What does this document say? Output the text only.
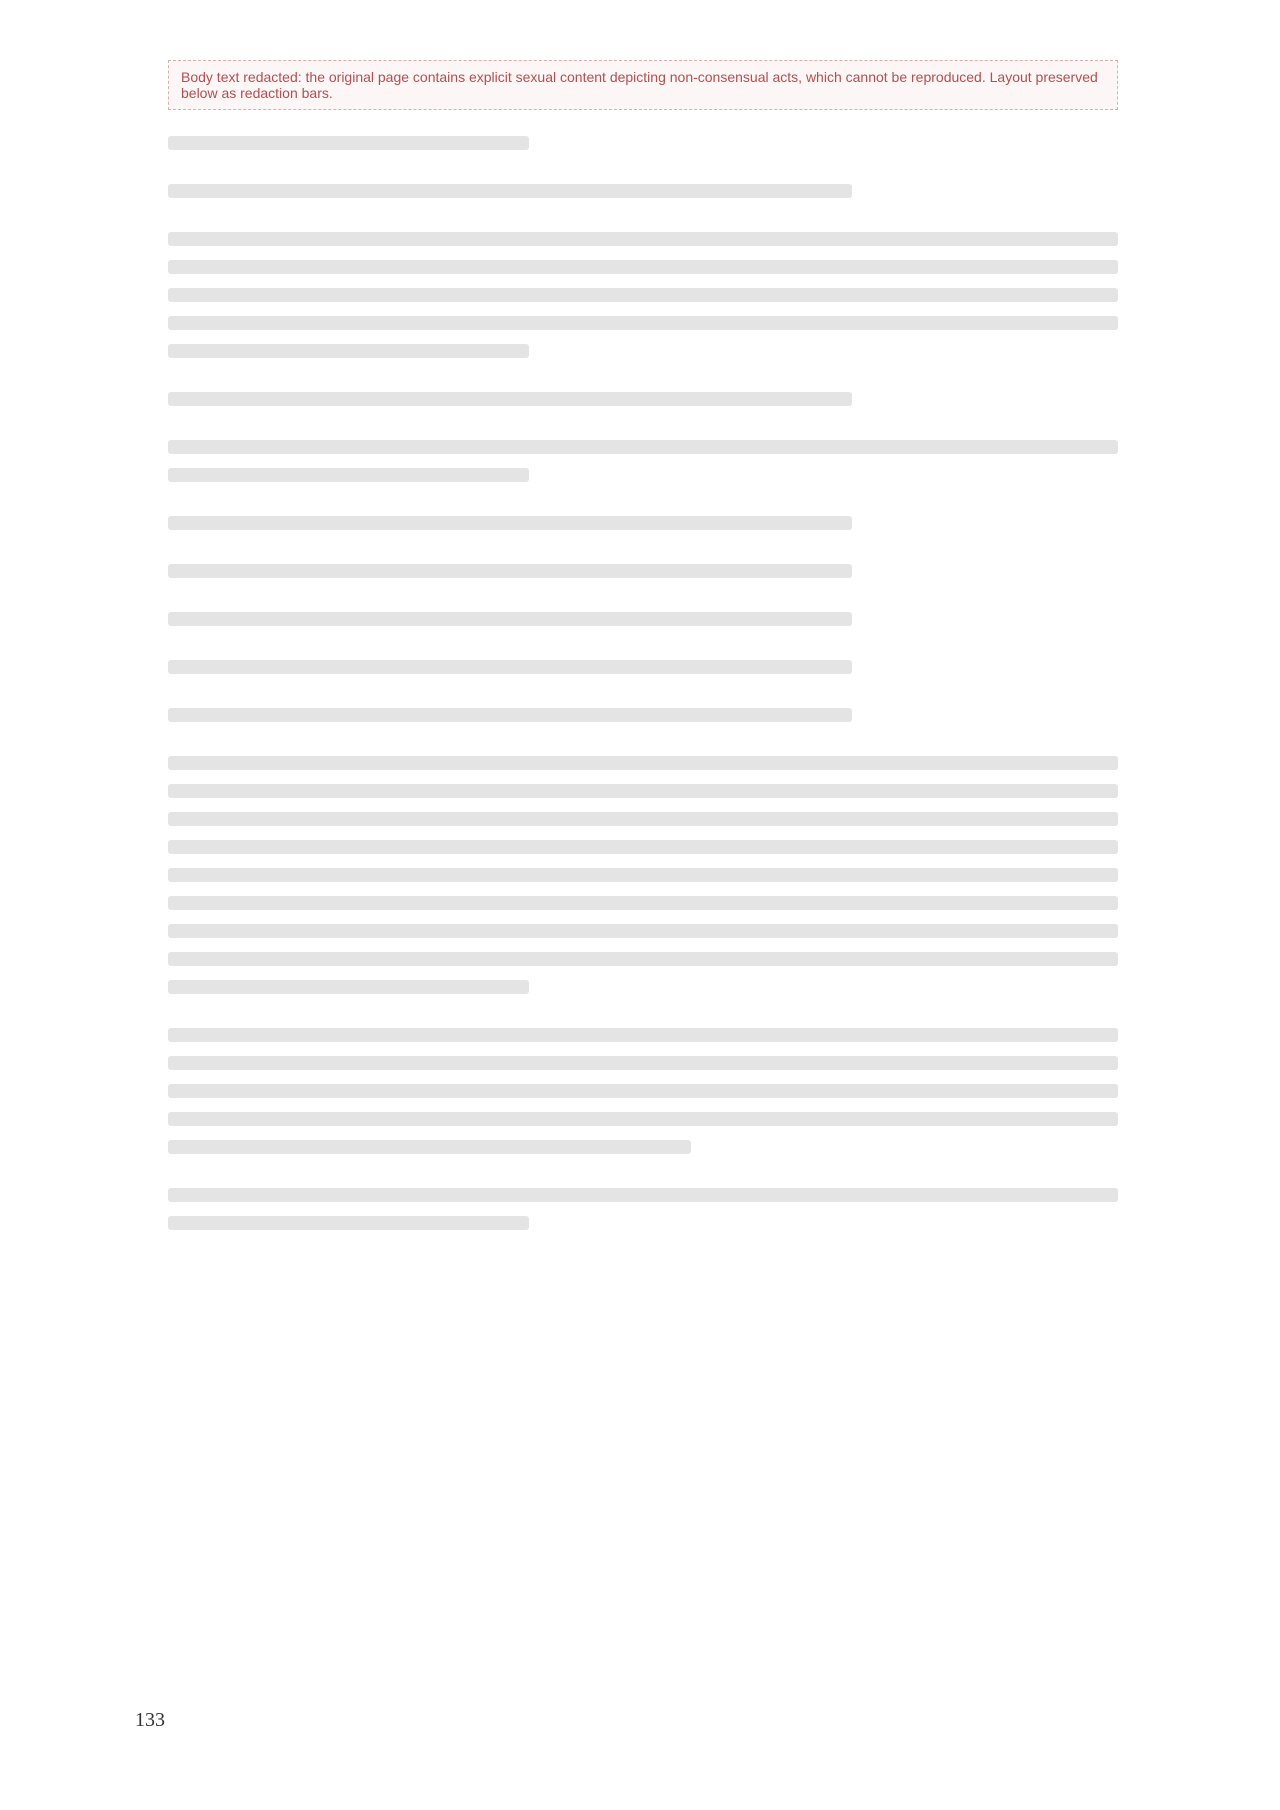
Body text redacted: the original page contains explicit sexual content depicting non-consensual acts, which cannot be reproduced. Layout preserved below as redaction bars.
133
